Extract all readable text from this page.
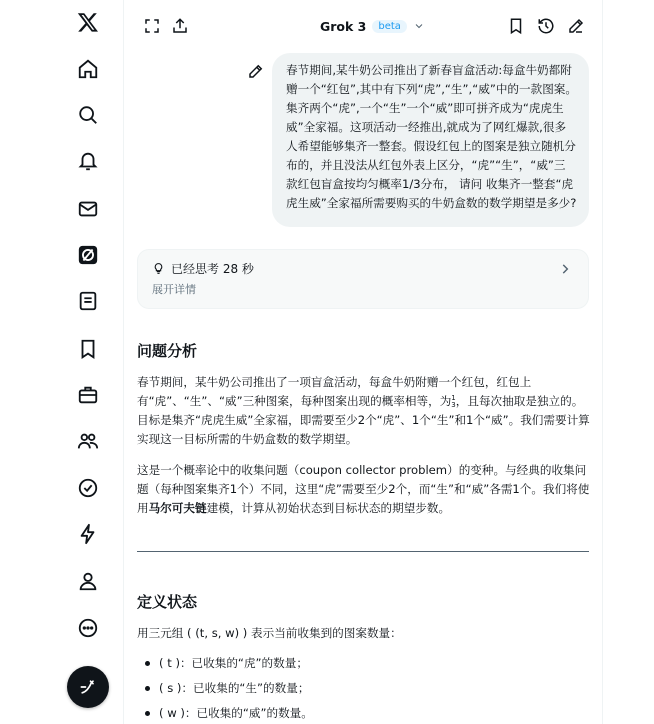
Grok 3	beta
春节期间,某牛奶公司推出了新春盲盒活动:每盒牛奶都附赠一个“红包”,其中有下列“虎”,“生”,“威”中的一款图案。集齐两个“虎”,一个“生”一个“威”即可拼齐成为“虎虎生威”全家福。这项活动一经推出,就成为了网红爆款,很多人希望能够集齐一整套。假设红包上的图案是独立随机分布的，并且没法从红包外表上区分，“虎”“生”，“威”三款红包盲盒按均匀概率1/3分布， 请问 收集齐一整套“虎虎生威”全家福所需要购买的牛奶盒数的数学期望是多少?
已经思考 28 秒
展开详情
问题分析
春节期间，某牛奶公司推出了一项盲盒活动，每盒牛奶附赠一个红包，红包上有“虎”、“生”、“威”三种图案，每种图案出现的概率相等，为1
3，且每次抽取是独立的。目标是集齐“虎虎生威”全家福，即需要至少2个“虎”、1个“生”和1个“威”。我们需要计算实现这一目标所需的牛奶盒数的数学期望。
这是一个概率论中的收集问题（coupon collector problem）的变种。与经典的收集问题（每种图案集齐1个）不同，这里“虎”需要至少2个，而“生”和“威”各需1个。我们将使用马尔可夫链建模，计算从初始状态到目标状态的期望步数。
定义状态
用三元组 ( (t, s, w) ) 表示当前收集到的图案数量：
( t )：已收集的“虎”的数量；
( s )：已收集的“生”的数量；
( w )：已收集的“威”的数量。
